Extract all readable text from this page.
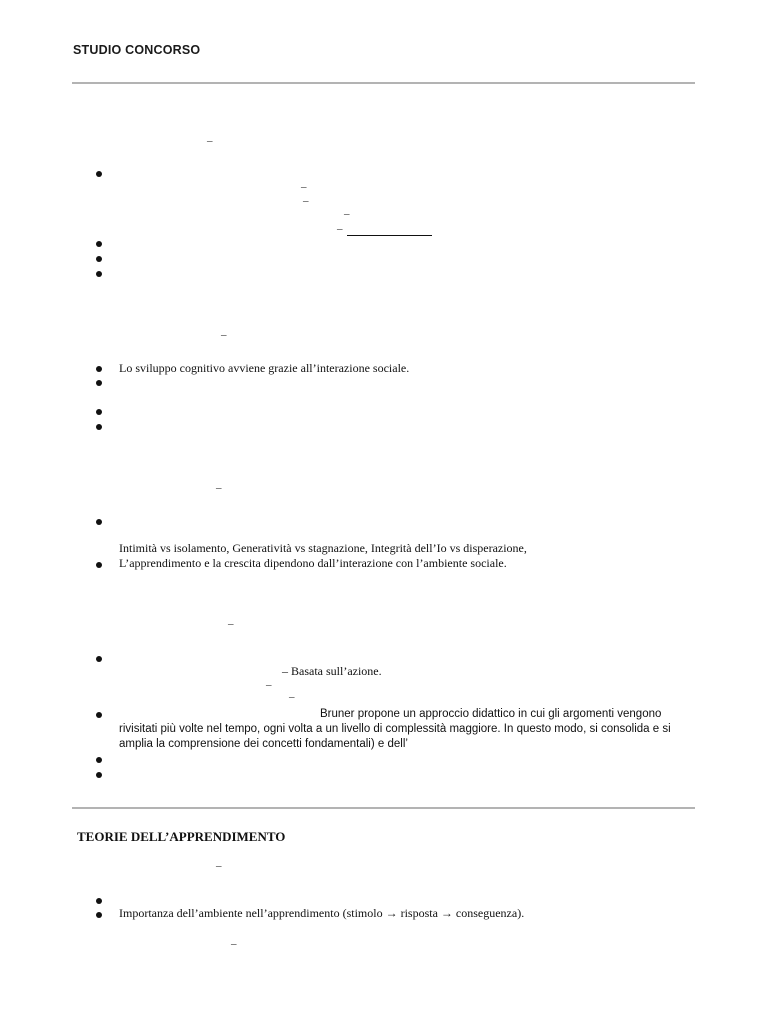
STUDIO CONCORSO
–
–
–
–
–
–
Lo sviluppo cognitivo avviene grazie all’interazione sociale.
–
Intimità vs isolamento, Generatività vs stagnazione, Integrità dell’Io vs disperazione,
L’apprendimento e la crescita dipendono dall’interazione con l’ambiente sociale.
–
– Basata sull’azione.
–
–
Bruner propone un approccio didattico in cui gli argomenti vengono rivisitati più volte nel tempo, ogni volta a un livello di complessità maggiore. In questo modo, si consolida e si amplia la comprensione dei concetti fondamentali) e dell’
TEORIE DELL’APPRENDIMENTO
–
Importanza dell’ambiente nell’apprendimento (stimolo → risposta → conseguenza).
–
